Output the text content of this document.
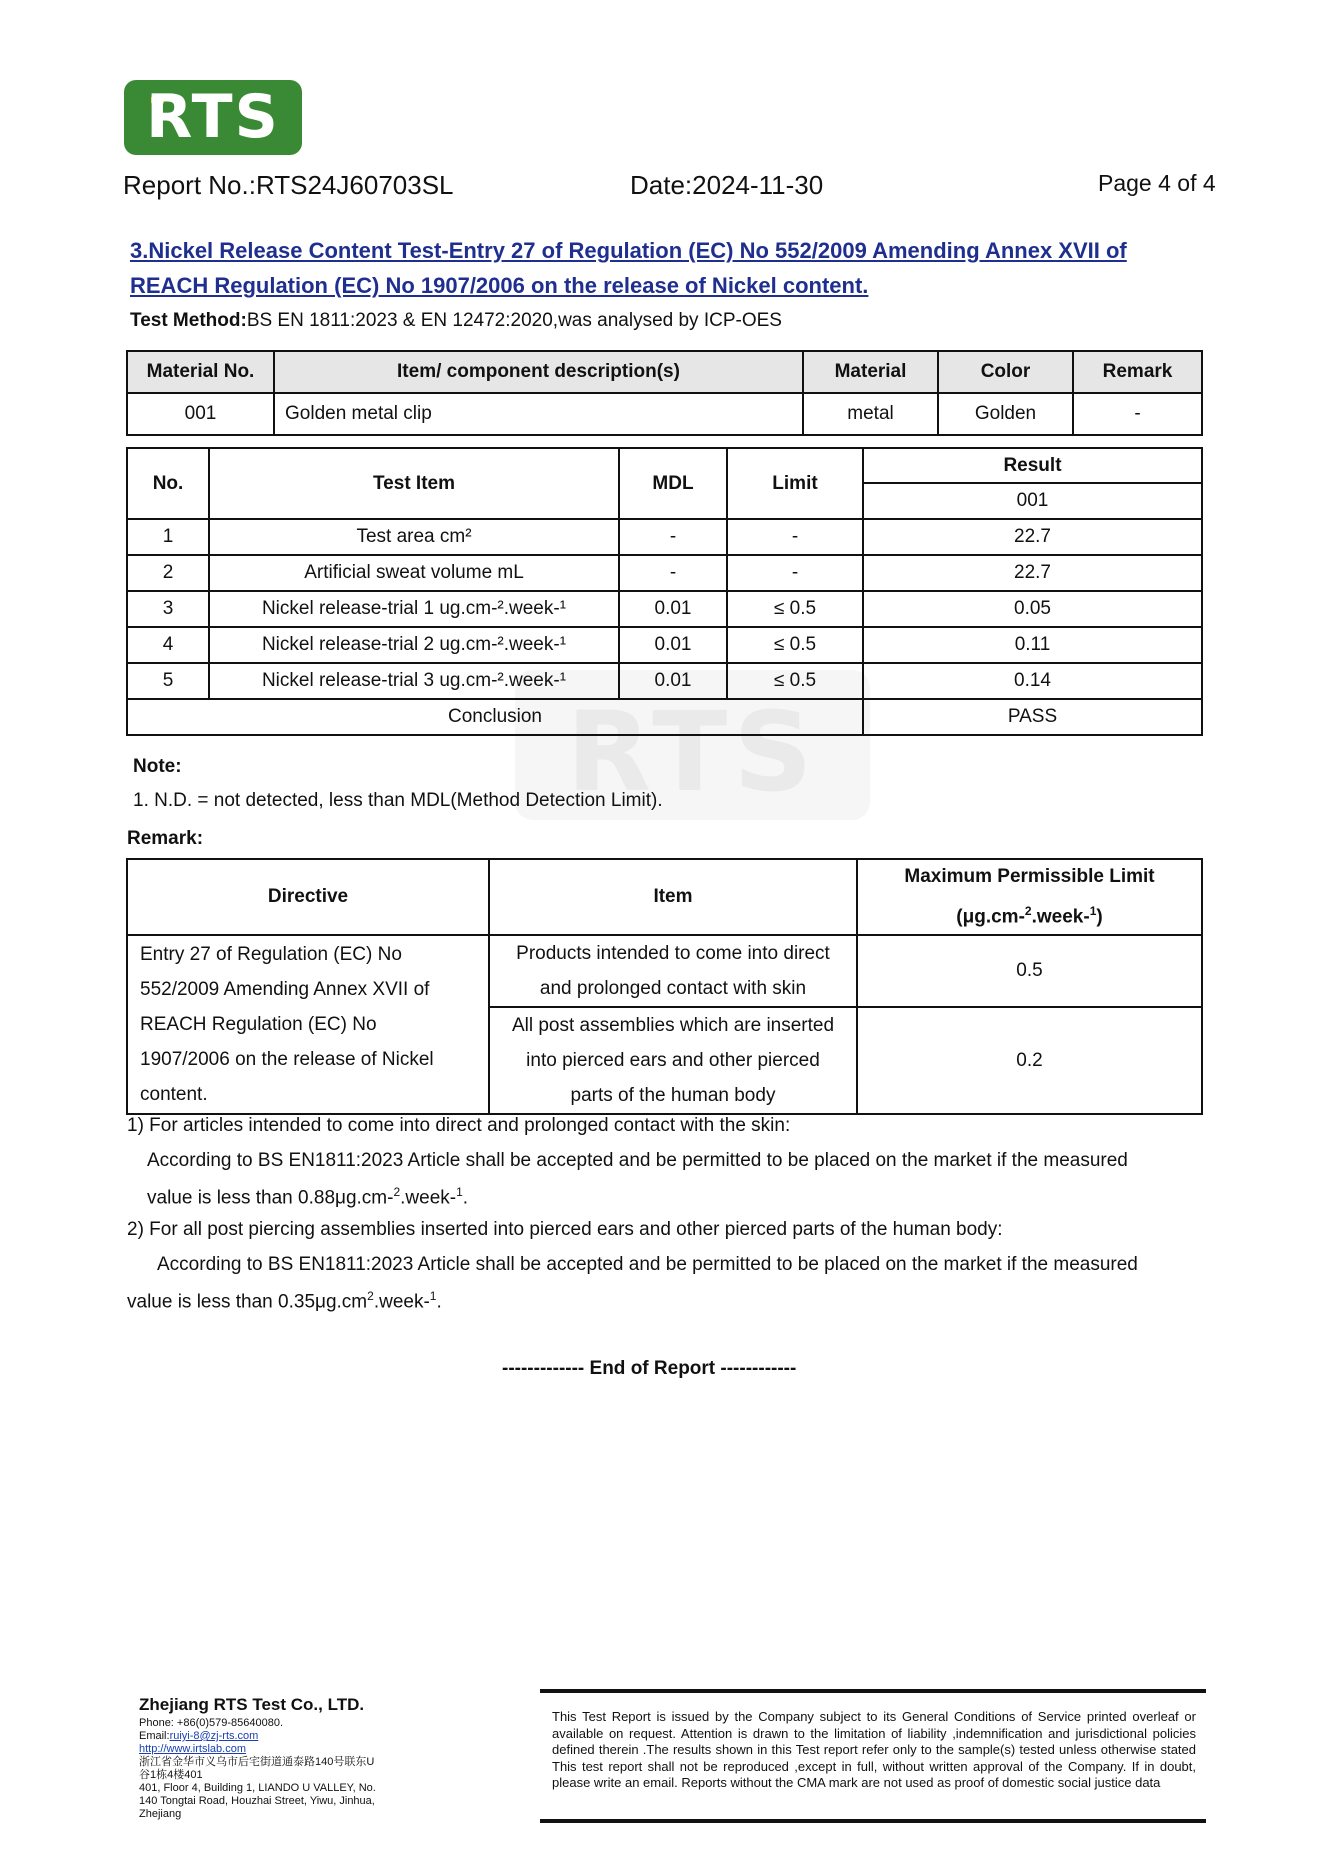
RTS
Report No.:RTS24J60703SL	Date:2024-11-30	Page 4 of 4
3.Nickel Release Content Test-Entry 27 of Regulation (EC) No 552/2009 Amending Annex XVII of
REACH Regulation (EC) No 1907/2006 on the release of Nickel content.
Test Method:BS EN 1811:2023 & EN 12472:2020,was analysed by ICP-OES
Material No.	Item/ component description(s)	Material	Color	Remark
001	Golden metal clip	metal	Golden	-
RTS
No.	Test Item	MDL	Limit	Result
				001
1	Test area cm²	-	-	22.7
2	Artificial sweat volume mL	-	-	22.7
3	Nickel release-trial 1 ug.cm-².week-¹	0.01	≤ 0.5	0.05
4	Nickel release-trial 2 ug.cm-².week-¹	0.01	≤ 0.5	0.11
5	Nickel release-trial 3 ug.cm-².week-¹	0.01	≤ 0.5	0.14
Conclusion				PASS
Note:
1. N.D. = not detected, less than MDL(Method Detection Limit).
Remark:
Directive	Item	Maximum Permissible Limit
(μg.cm-$^2$.week-$^1$)
Entry 27 of Regulation (EC) No
552/2009 Amending Annex XVII of
REACH Regulation (EC) No
1907/2006 on the release of Nickel
content.	Products intended to come into direct
and prolonged contact with skin	0.5
	All post assemblies which are inserted
into pierced ears and other pierced
parts of the human body	0.2
1) For articles intended to come into direct and prolonged contact with the skin:
According to BS EN1811:2023 Article shall be accepted and be permitted to be placed on the market if the measured
value is less than 0.88μg.cm-$^2$.week-$^1$.
2) For all post piercing assemblies inserted into pierced ears and other pierced parts of the human body:
According to BS EN1811:2023 Article shall be accepted and be permitted to be placed on the market if the measured
value is less than $0.35\mu g.cm^2.week-^1$.
------------- End of Report ------------
Zhejiang RTS Test Co., LTD.
Phone: +86(0)579-85640080.
Email:ruiyi-8@zj-rts.com
http://www.irtslab.com
浙江省金华市义乌市后宅街道通泰路140号联东U
谷1栋4楼401
401, Floor 4, Building 1, LIANDO U VALLEY, No.
140 Tongtai Road, Houzhai Street, Yiwu, Jinhua,
Zhejiang
This Test Report is issued by the Company subject to its General Conditions of Service printed overleaf or available on request. Attention is drawn to the limitation of liability ,indemnification and jurisdictional policies defined therein .The results shown in this Test report refer only to the sample(s) tested unless otherwise stated This test report shall not be reproduced ,except in full, without written approval of the Company. If in doubt, please write an email. Reports without the CMA mark are not used as proof of domestic social justice data
